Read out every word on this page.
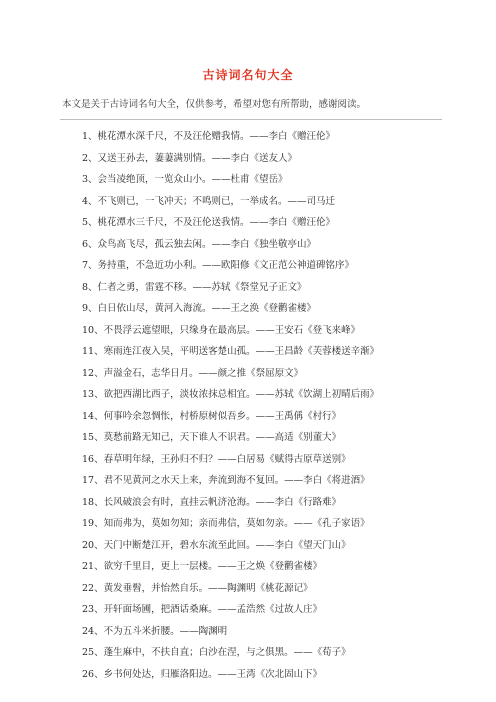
古诗词名句大全
本文是关于古诗词名句大全，仅供参考，希望对您有所帮助，感谢阅读。
1、桃花潭水深千尺，不及汪伦赠我情。——李白《赠汪伦》
2、又送王孙去，萋萋满别情。——李白《送友人》
3、会当凌绝顶，一览众山小。——杜甫《望岳》
4、不飞则已，一飞冲天；不鸣则已，一举成名。——司马迁
5、桃花潭水三千尺，不及汪伦送我情。——李白《赠汪伦》
6、众鸟高飞尽，孤云独去闲。——李白《独坐敬亭山》
7、务持重，不急近功小利。——欧阳修《文正范公神道碑铭序》
8、仁者之勇，雷霆不移。——苏轼《祭堂兄子正文》
9、白日依山尽，黄河入海流。——王之涣《登鹳雀楼》
10、不畏浮云遮望眼，只缘身在最高层。——王安石《登飞来峰》
11、寒雨连江夜入吴，平明送客楚山孤。——王昌龄《芙蓉楼送辛渐》
12、声溢金石，志华日月。——颜之推《祭屈原文》
13、欲把西湖比西子，淡妆浓抹总相宜。——苏轼《饮湖上初晴后雨》
14、何事吟余忽惆怅，村桥原树似吾乡。——王禹偁《村行》
15、莫愁前路无知己，天下谁人不识君。——高适《别董大》
16、春草明年绿，王孙归不归？——白居易《赋得古原草送别》
17、君不见黄河之水天上来，奔流到海不复回。——李白《将进酒》
18、长风破浪会有时，直挂云帆济沧海。——李白《行路难》
19、知而弗为，莫如勿知；亲而弗信，莫如勿亲。——《孔子家语》
20、天门中断楚江开，碧水东流至此回。——李白《望天门山》
21、欲穷千里目，更上一层楼。——王之焕《登鹳雀楼》
22、黄发垂髫，并怡然自乐。——陶渊明《桃花源记》
23、开轩面场圃，把酒话桑麻。——孟浩然《过故人庄》
24、不为五斗米折腰。——陶渊明
25、蓬生麻中，不扶自直；白沙在涅，与之俱黑。——《荀子》
26、乡书何处达，归雁洛阳边。——王湾《次北固山下》
